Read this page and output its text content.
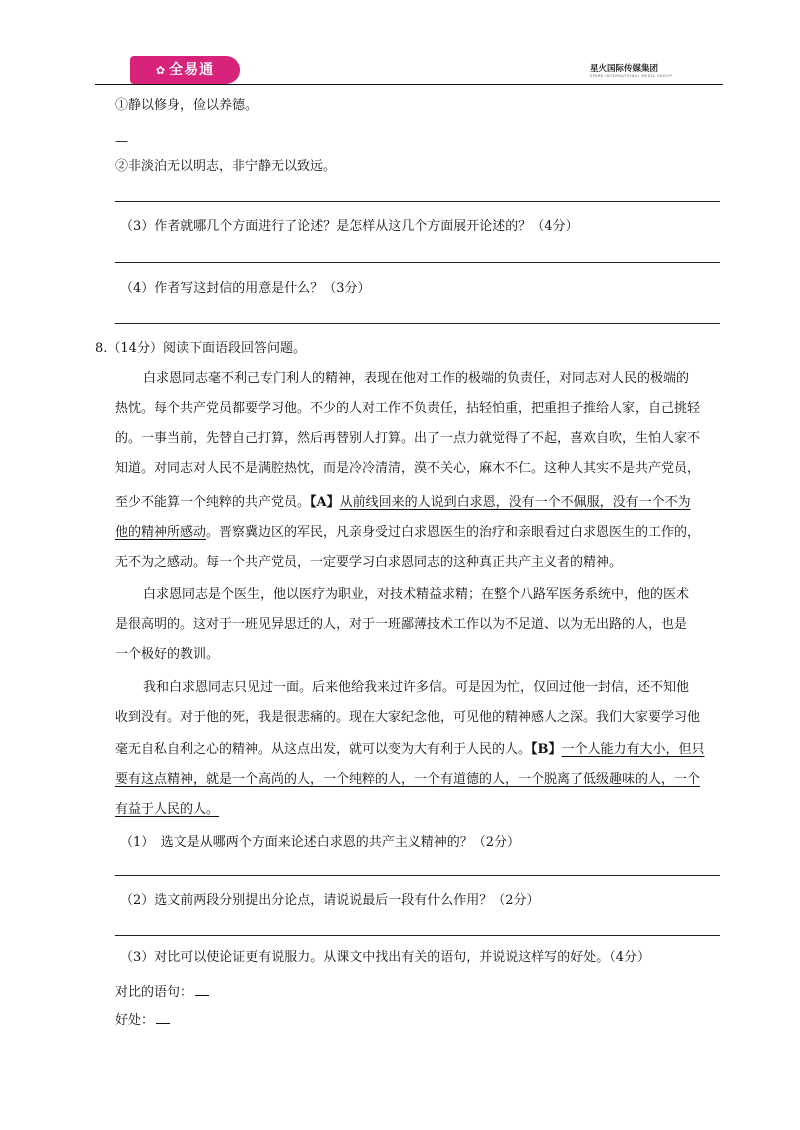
✿ 全易通	星火国际传媒集团
SPARK INTERNATIONAL MEDIA GROUP
①静以修身，俭以养德。
—
②非淡泊无以明志，非宁静无以致远。
（3）作者就哪几个方面进行了论述？是怎样从这几个方面展开论述的？（4分）
（4）作者写这封信的用意是什么？（3分）
8.（14分）阅读下面语段回答问题。
白求恩同志毫不利己专门利人的精神，表现在他对工作的极端的负责任，对同志对人民的极端的
热忱。每个共产党员都要学习他。不少的人对工作不负责任，拈轻怕重，把重担子推给人家，自己挑轻
的。一事当前，先替自己打算，然后再替别人打算。出了一点力就觉得了不起，喜欢自吹，生怕人家不
知道。对同志对人民不是满腔热忱，而是冷冷清清，漠不关心，麻木不仁。这种人其实不是共产党员，
至少不能算一个纯粹的共产党员。【A】从前线回来的人说到白求恩，没有一个不佩服，没有一个不为
他的精神所感动。晋察冀边区的军民，凡亲身受过白求恩医生的治疗和亲眼看过白求恩医生的工作的，
无不为之感动。每一个共产党员，一定要学习白求恩同志的这种真正共产主义者的精神。
白求恩同志是个医生，他以医疗为职业，对技术精益求精；在整个八路军医务系统中，他的医术
是很高明的。这对于一班见异思迁的人，对于一班鄙薄技术工作以为不足道、以为无出路的人，也是
一个极好的教训。
我和白求恩同志只见过一面。后来他给我来过许多信。可是因为忙，仅回过他一封信，还不知他
收到没有。对于他的死，我是很悲痛的。现在大家纪念他，可见他的精神感人之深。我们大家要学习他
毫无自私自利之心的精神。从这点出发，就可以变为大有利于人民的人。【B】一个人能力有大小，但只
要有这点精神，就是一个高尚的人，一个纯粹的人，一个有道德的人，一个脱离了低级趣味的人，一个
有益于人民的人。
（1）　选文是从哪两个方面来论述白求恩的共产主义精神的？（2分）
（2）选文前两段分别提出分论点，请说说最后一段有什么作用？（2分）
（3）对比可以使论证更有说服力。从课文中找出有关的语句，并说说这样写的好处。（4分）
对比的语句：
好处：
